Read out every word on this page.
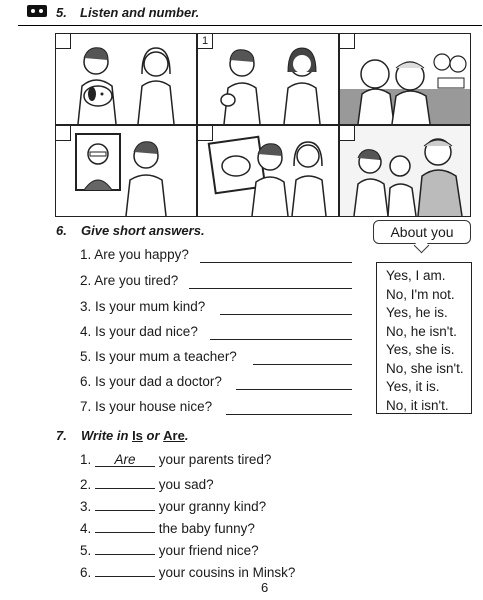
5. Listen and number.
1
6. Give short answers.	About you
1. Are you happy?
2. Are you tired?
3. Is your mum kind?
4. Is your dad nice?
5. Is your mum a teacher?
6. Is your dad a doctor?
7. Is your house nice?
Yes, I am.
No, I'm not.
Yes, he is.
No, he isn't.
Yes, she is.
No, she isn't.
Yes, it is.
No, it isn't.
7. Write in Is or Are.
1. Are your parents tired?
2.	you sad?
3.	your granny kind?
4.	the baby funny?
5.	your friend nice?
6.	your cousins in Minsk?
6
